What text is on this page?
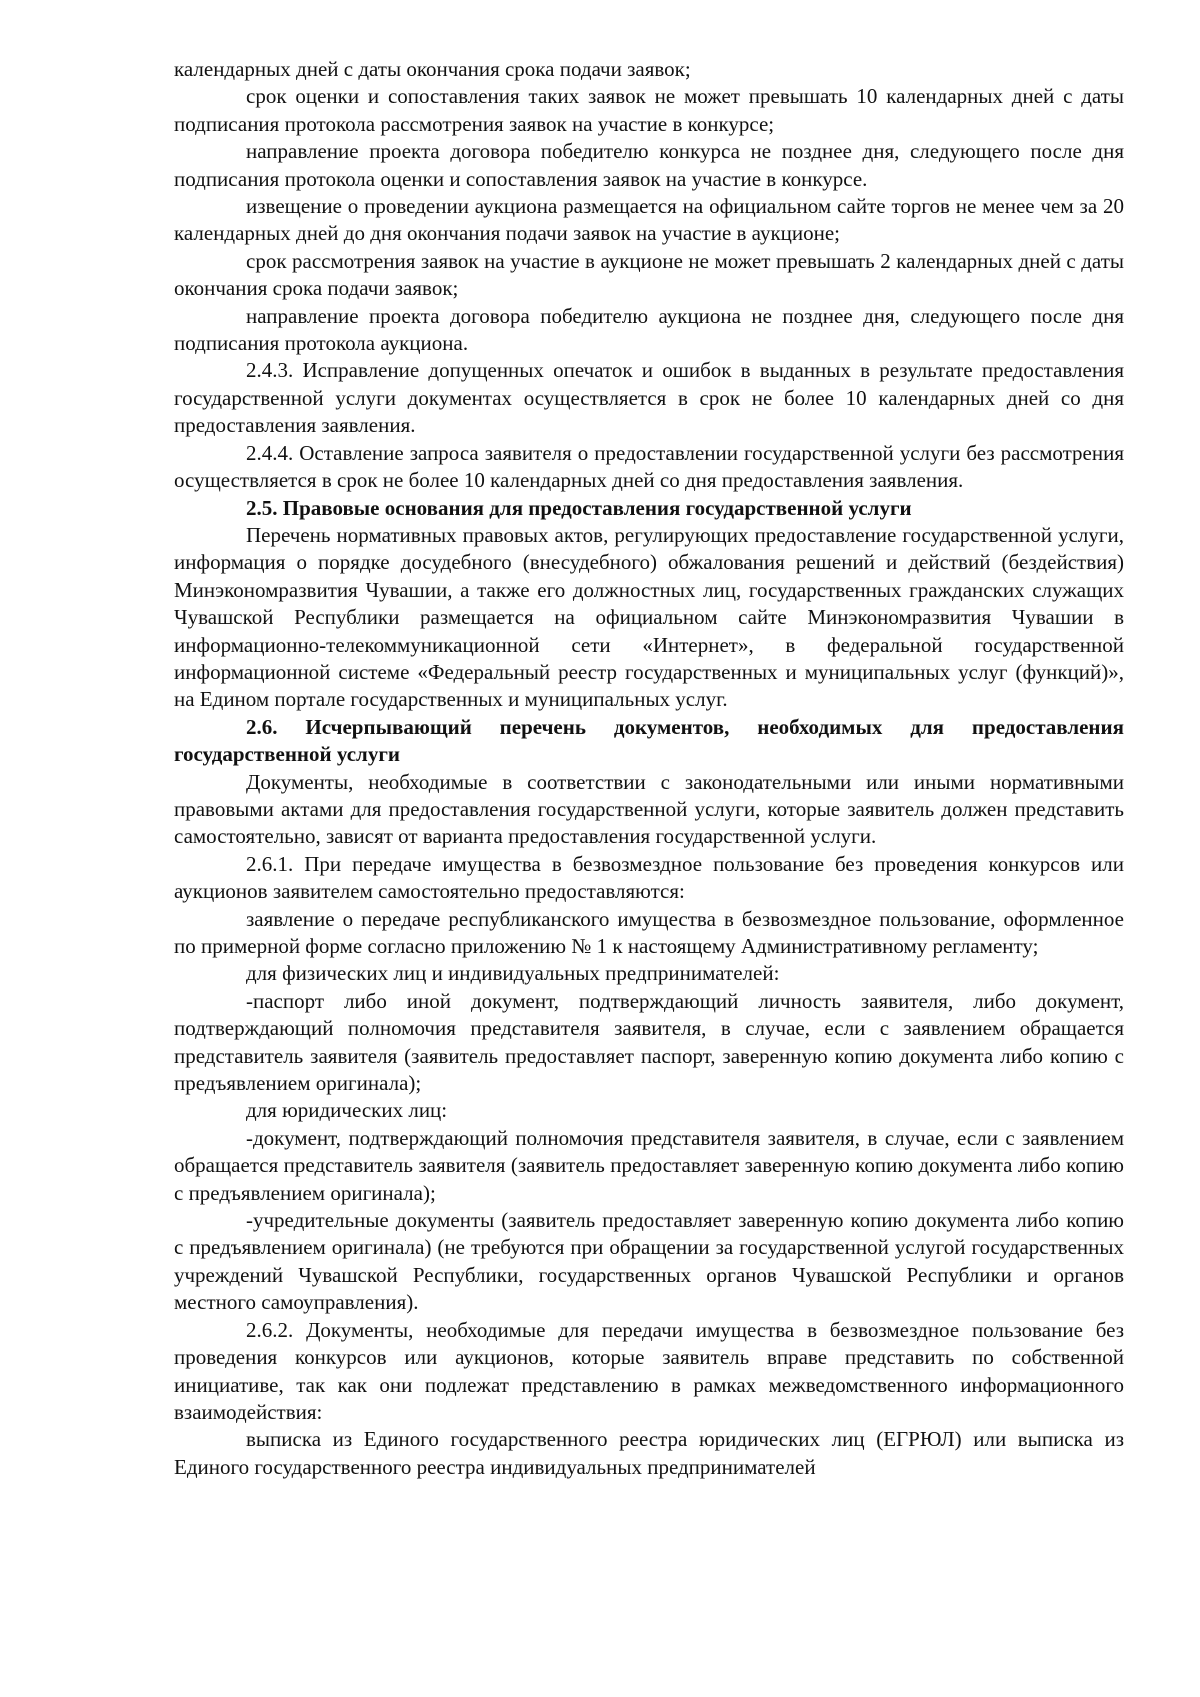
календарных дней с даты окончания срока подачи заявок;

срок оценки и сопоставления таких заявок не может превышать 10 календарных дней с даты подписания протокола рассмотрения заявок на участие в конкурсе;

направление проекта договора победителю конкурса не позднее дня, следующего после дня подписания протокола оценки и сопоставления заявок на участие в конкурсе.

извещение о проведении аукциона размещается на официальном сайте торгов не менее чем за 20 календарных дней до дня окончания подачи заявок на участие в аукционе;

срок рассмотрения заявок на участие в аукционе не может превышать 2 календарных дней с даты окончания срока подачи заявок;

направление проекта договора победителю аукциона не позднее дня, следующего после дня подписания протокола аукциона.

2.4.3. Исправление допущенных опечаток и ошибок в выданных в результате предоставления государственной услуги документах осуществляется в срок не более 10 календарных дней со дня предоставления заявления.

2.4.4. Оставление запроса заявителя о предоставлении государственной услуги без рассмотрения осуществляется в срок не более 10 календарных дней со дня предоставления заявления.

2.5. Правовые основания для предоставления государственной услуги

Перечень нормативных правовых актов, регулирующих предоставление государственной услуги, информация о порядке досудебного (внесудебного) обжалования решений и действий (бездействия) Минэкономразвития Чувашии, а также его должностных лиц, государственных гражданских служащих Чувашской Республики размещается на официальном сайте Минэкономразвития Чувашии в информационно-телекоммуникационной сети «Интернет», в федеральной государственной информационной системе «Федеральный реестр государственных и муниципальных услуг (функций)», на Едином портале государственных и муниципальных услуг.

2.6. Исчерпывающий перечень документов, необходимых для предоставления государственной услуги

Документы, необходимые в соответствии с законодательными или иными нормативными правовыми актами для предоставления государственной услуги, которые заявитель должен представить самостоятельно, зависят от варианта предоставления государственной услуги.

2.6.1. При передаче имущества в безвозмездное пользование без проведения конкурсов или аукционов заявителем самостоятельно предоставляются:

заявление о передаче республиканского имущества в безвозмездное пользование, оформленное по примерной форме согласно приложению № 1 к настоящему Административному регламенту;

для физических лиц и индивидуальных предпринимателей:

-паспорт либо иной документ, подтверждающий личность заявителя, либо документ, подтверждающий полномочия представителя заявителя, в случае, если с заявлением обращается представитель заявителя (заявитель предоставляет паспорт, заверенную копию документа либо копию с предъявлением оригинала);

для юридических лиц:

-документ, подтверждающий полномочия представителя заявителя, в случае, если с заявлением обращается представитель заявителя (заявитель предоставляет заверенную копию документа либо копию с предъявлением оригинала);

-учредительные документы (заявитель предоставляет заверенную копию документа либо копию с предъявлением оригинала) (не требуются при обращении за государственной услугой государственных учреждений Чувашской Республики, государственных органов Чувашской Республики и органов местного самоуправления).

2.6.2. Документы, необходимые для передачи имущества в безвозмездное пользование без проведения конкурсов или аукционов, которые заявитель вправе представить по собственной инициативе, так как они подлежат представлению в рамках межведомственного информационного взаимодействия:

выписка из Единого государственного реестра юридических лиц (ЕГРЮЛ) или выписка из Единого государственного реестра индивидуальных предпринимателей
